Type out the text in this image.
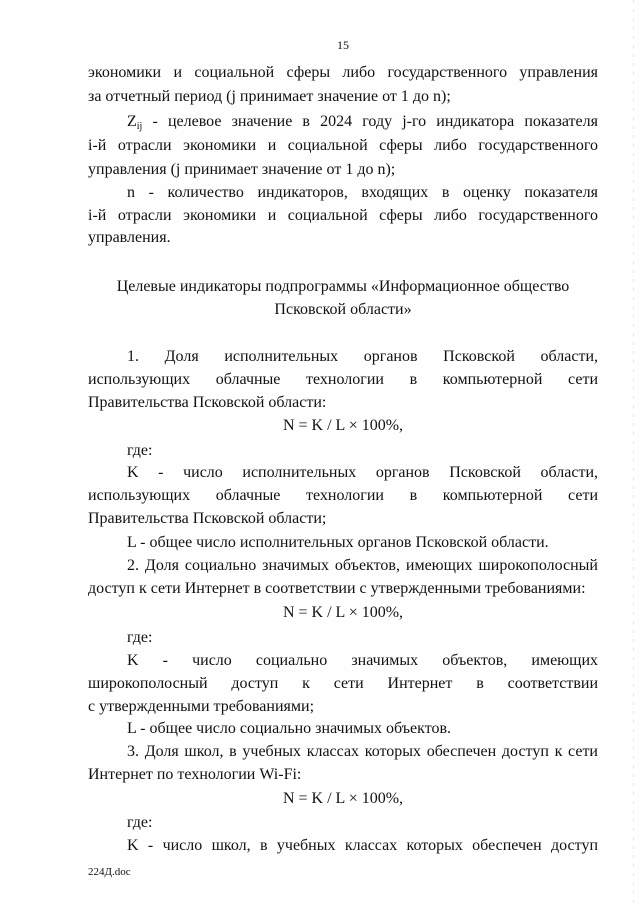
15
экономики и социальной сферы либо государственного управления
за отчетный период (j принимает значение от 1 до n);
$Z_{ij}$ - целевое значение в 2024 году j-го индикатора показателя
i-й отрасли экономики и социальной сферы либо государственного
управления (j принимает значение от 1 до n);
n - количество индикаторов, входящих в оценку показателя
i-й отрасли экономики и социальной сферы либо государственного
управления.
Целевые индикаторы подпрограммы «Информационное общество
Псковской области»
1. Доля исполнительных органов Псковской области,
использующих облачные технологии в компьютерной сети
Правительства Псковской области:
N = K / L × 100%,
где:
K - число исполнительных органов Псковской области,
использующих облачные технологии в компьютерной сети
Правительства Псковской области;
L - общее число исполнительных органов Псковской области.
2. Доля социально значимых объектов, имеющих широкополосный
доступ к сети Интернет в соответствии с утвержденными требованиями:
N = K / L × 100%,
где:
K - число социально значимых объектов, имеющих
широкополосный доступ к сети Интернет в соответствии
с утвержденными требованиями;
L - общее число социально значимых объектов.
3. Доля школ, в учебных классах которых обеспечен доступ к сети
Интернет по технологии Wi-Fi:
N = K / L × 100%,
где:
K - число школ, в учебных классах которых обеспечен доступ
224Д.doc
